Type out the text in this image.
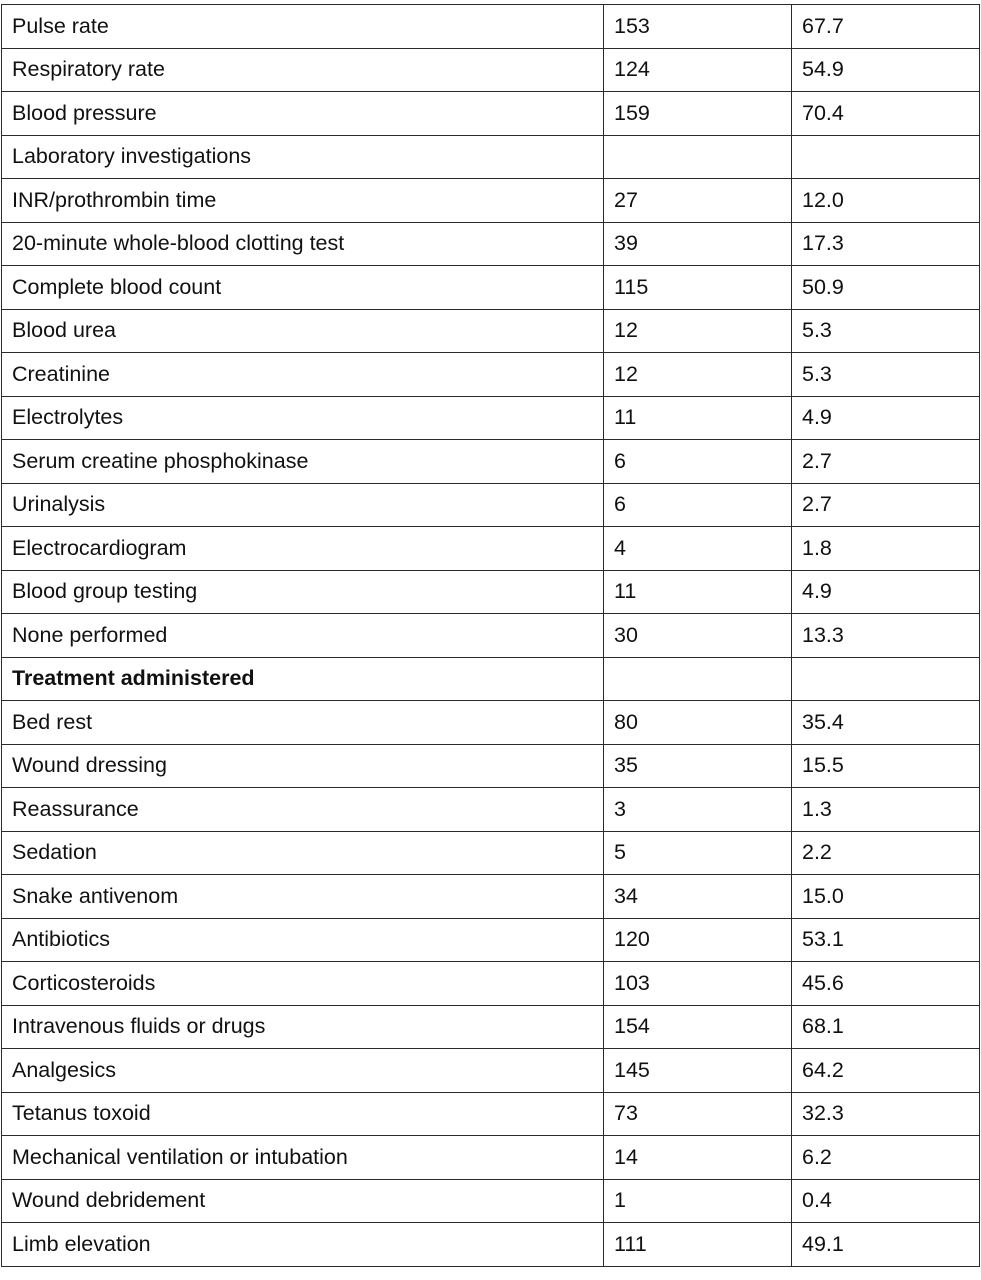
Pulse rate	153	67.7
Respiratory rate	124	54.9
Blood pressure	159	70.4
Laboratory investigations		
INR/prothrombin time	27	12.0
20-minute whole-blood clotting test	39	17.3
Complete blood count	115	50.9
Blood urea	12	5.3
Creatinine	12	5.3
Electrolytes	11	4.9
Serum creatine phosphokinase	6	2.7
Urinalysis	6	2.7
Electrocardiogram	4	1.8
Blood group testing	11	4.9
None performed	30	13.3
Treatment administered		
Bed rest	80	35.4
Wound dressing	35	15.5
Reassurance	3	1.3
Sedation	5	2.2
Snake antivenom	34	15.0
Antibiotics	120	53.1
Corticosteroids	103	45.6
Intravenous fluids or drugs	154	68.1
Analgesics	145	64.2
Tetanus toxoid	73	32.3
Mechanical ventilation or intubation	14	6.2
Wound debridement	1	0.4
Limb elevation	111	49.1
